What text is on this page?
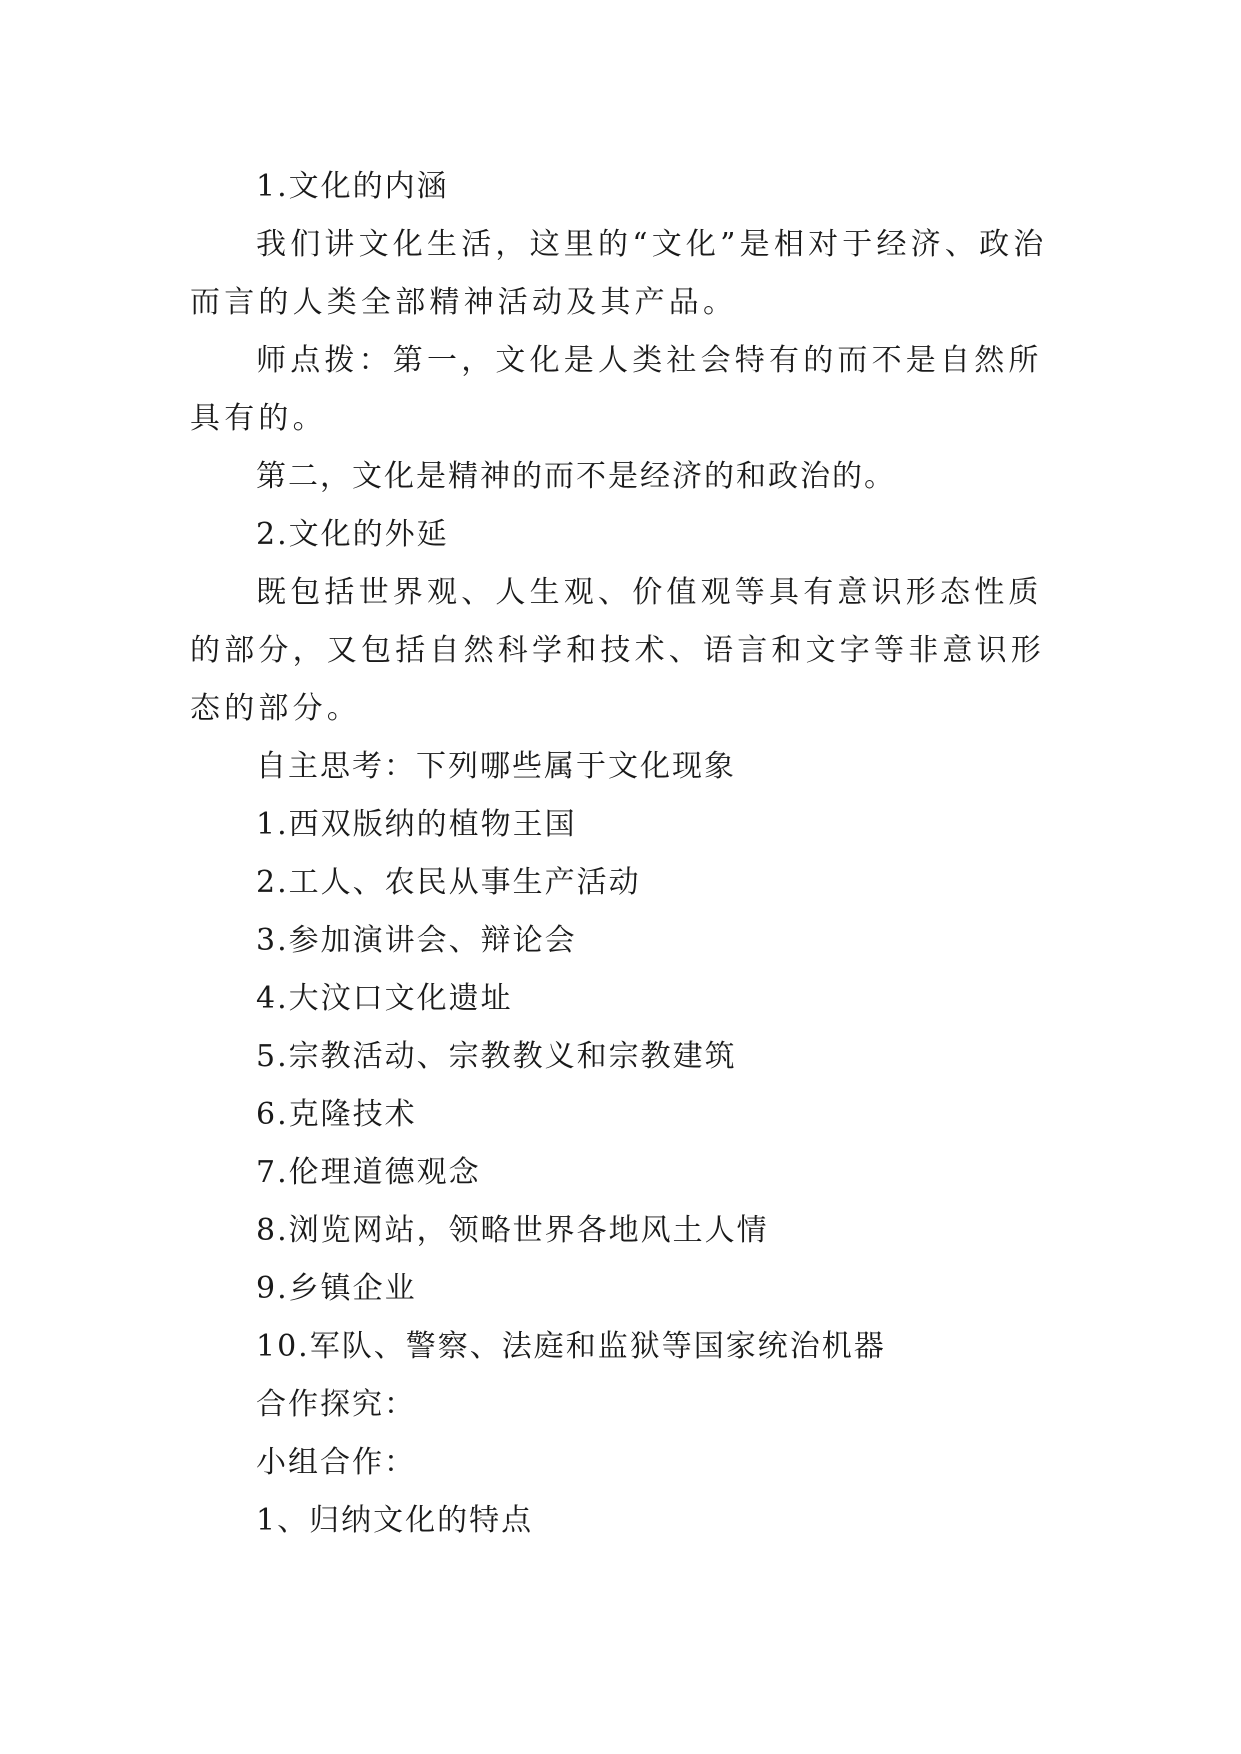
1.文化的内涵

我们讲文化生活，这里的“文化”是相对于经济、政治而言的人类全部精神活动及其产品。

师点拨：第一，文化是人类社会特有的而不是自然所具有的。

第二，文化是精神的而不是经济的和政治的。

2.文化的外延

既包括世界观、人生观、价值观等具有意识形态性质的部分，又包括自然科学和技术、语言和文字等非意识形态的部分。

自主思考：下列哪些属于文化现象

1.西双版纳的植物王国

2.工人、农民从事生产活动

3.参加演讲会、辩论会

4.大汶口文化遗址

5.宗教活动、宗教教义和宗教建筑

6.克隆技术

7.伦理道德观念

8.浏览网站，领略世界各地风土人情

9.乡镇企业

10.军队、警察、法庭和监狱等国家统治机器

合作探究：

小组合作：

1、归纳文化的特点
